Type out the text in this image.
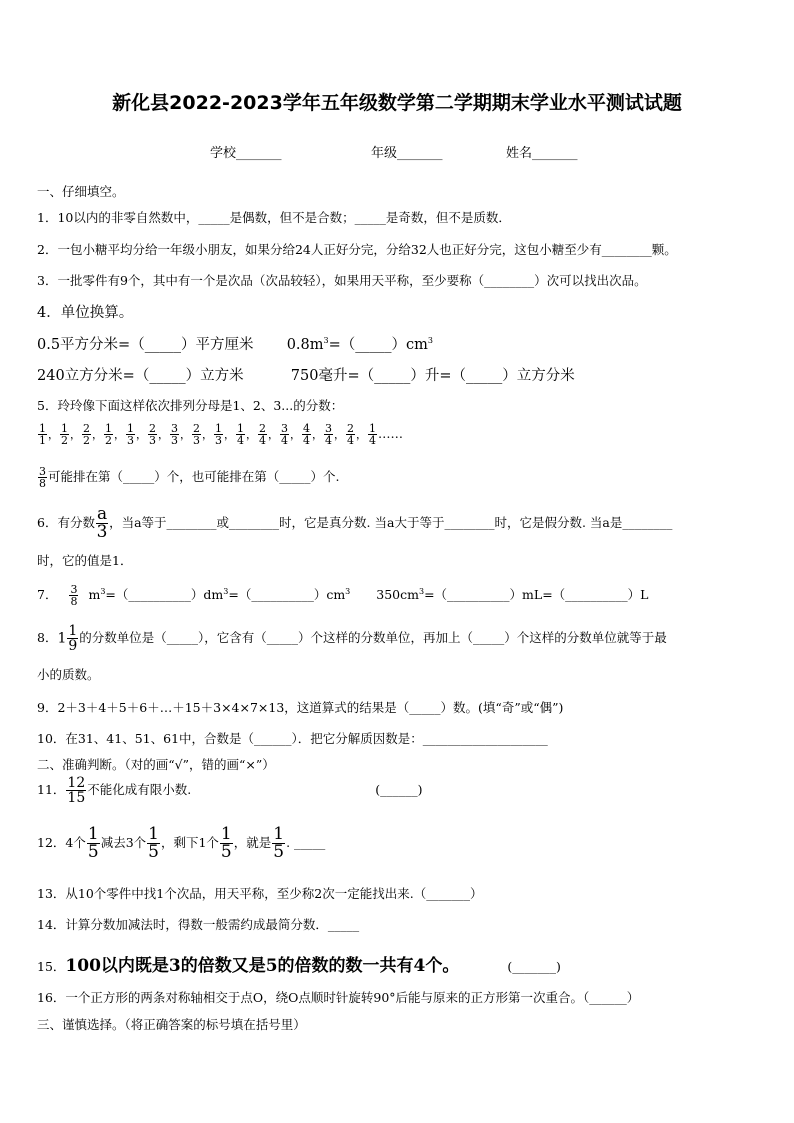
新化县2022-2023学年五年级数学第二学期期末学业水平测试试题
学校_______	年级_______	姓名_______
一、仔细填空。
1．10以内的非零自然数中，_____是偶数，但不是合数；_____是奇数，但不是质数．
2．一包小糖平均分给一年级小朋友，如果分给24人正好分完，分给32人也正好分完，这包小糖至少有________颗。
3．一批零件有9个，其中有一个是次品（次品较轻），如果用天平称，至少要称（________）次可以找出次品。
4．单位换算。
0.5平方分米=（_____）平方厘米 $0.8m^3=(\_\_\_\_\_)cm^3$
240立方分米=（_____）立方米	750毫升=（_____）升=（_____）立方分米
5．玲玲像下面这样依次排列分母是1、2、3...的分数：
$\frac{1}{1}$ ， $\frac{1}{2}$ ， $\frac{2}{2}$ ， $\frac{1}{2}$ ， $\frac{1}{3}$ ， $\frac{2}{3}$ ， $\frac{3}{3}$ ， $\frac{2}{3}$ ， $\frac{1}{3}$ ， $\frac{1}{4}$ ， $\frac{2}{4}$ ， $\frac{3}{4}$ ， $\frac{4}{4}$ ， $\frac{3}{4}$ ， $\frac{2}{4}$ ， $\frac{1}{4}$ ……
$\frac{3}{8}$ 可能排在第（_____）个，也可能排在第（_____）个.
6．有分数 $\frac{a}{3}$ ，当a等于________或________时，它是真分数. 当a大于等于________时，它是假分数. 当a是________
时，它的值是1．
7． $\frac{3}{8}$ $m^3=(\_\_\_\_\_\_\_\_\_\_)dm^3=(\_\_\_\_\_\_\_\_\_\_)cm^3$ $350cm^3=(\_\_\_\_\_\_\_\_\_\_)mL=(\_\_\_\_\_\_\_\_\_\_)L$
8．$1 \frac{1}{9}$ 的分数单位是（_____），它含有（_____）个这样的分数单位，再加上（_____）个这样的分数单位就等于最
小的质数。
9．2＋3＋4＋5＋6＋…＋15＋3×4×7×13，这道算式的结果是（_____）数。(填“奇”或“偶”)
10．在31、41、51、61中，合数是（______）．把它分解质因数是：____________________
二、准确判断。（对的画“√”，错的画“×”）
11． $\frac{12}{15}$ 不能化成有限小数.	(______)
12．4个 $\frac{1}{5}$ 减去3个 $\frac{1}{5}$ ，剩下1个 $\frac{1}{5}$ ，就是 $\frac{1}{5}$ . _____
13．从10个零件中找1个次品，用天平称，至少称2次一定能找出来.（_______）
14．计算分数加减法时，得数一般需约成最简分数．_____
15．100以内既是3的倍数又是5的倍数的数一共有4个。	(_______)
16．一个正方形的两条对称轴相交于点O，绕O点顺时针旋转90°后能与原来的正方形第一次重合。（______）
三、谨慎选择。（将正确答案的标号填在括号里）
